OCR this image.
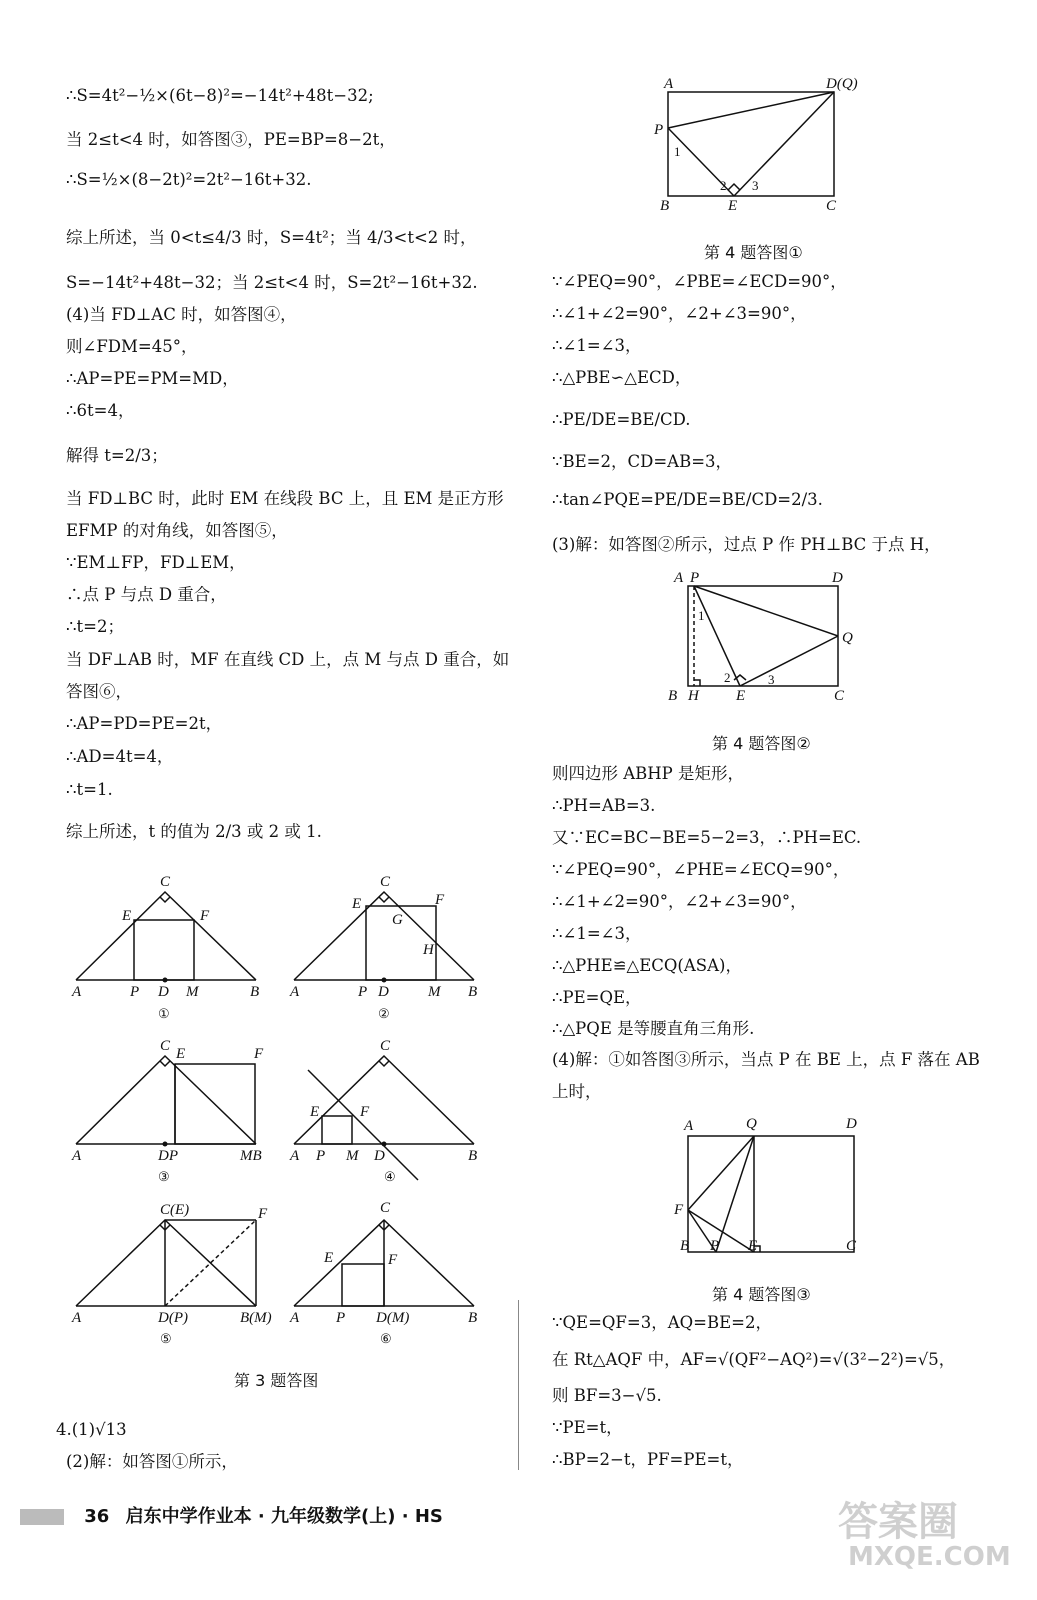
∴S=4t²−½×(6t−8)²=−14t²+48t−32;
当 2≤t<4 时，如答图③，PE=BP=8−2t，
∴S=½×(8−2t)²=2t²−16t+32.
综上所述，当 0<t≤4/3 时，S=4t²；当 4/3<t<2 时，
S=−14t²+48t−32；当 2≤t<4 时，S=2t²−16t+32.
(4)当 FD⊥AC 时，如答图④，
则∠FDM=45°，
∴AP=PE=PM=MD，
∴6t=4，
解得 t=2/3；
当 FD⊥BC 时，此时 EM 在线段 BC 上，且 EM 是正方形
EFMP 的对角线，如答图⑤，
∵EM⊥FP，FD⊥EM，
∴点 P 与点 D 重合，
∴t=2；
当 DF⊥AB 时，MF 在直线 CD 上，点 M 与点 D 重合，如
答图⑥，
∴AP=PD=PE=2t，
∴AD=4t=4，
∴t=1.
综上所述，t 的值为 2/3 或 2 或 1.
C
E	F
A	P D M	B
①
C
E	F
G
H
A	P D	M B
②
C E	F
A	DP	MB
③
C
E	F
A P M D	B
④
C(E)	F
A	D(P)	B(M)
⑤
C
E	F
A P D(M)	B
⑥
第 3 题答图
4.(1)√13
(2)解：如答图①所示，
A	D(Q)
P
1
2 3
B	E	C
第 4 题答图①
∵∠PEQ=90°，∠PBE=∠ECD=90°，
∴∠1+∠2=90°，∠2+∠3=90°，
∴∠1=∠3，
∴△PBE∽△ECD，
∴PE/DE=BE/CD.
∵BE=2，CD=AB=3，
∴tan∠PQE=PE/DE=BE/CD=2/3.
(3)解：如答图②所示，过点 P 作 PH⊥BC 于点 H，
A P	D
Q
1
2	3
B H E	C
第 4 题答图②
则四边形 ABHP 是矩形，
∴PH=AB=3.
又∵EC=BC−BE=5−2=3，∴PH=EC.
∵∠PEQ=90°，∠PHE=∠ECQ=90°，
∴∠1+∠2=90°，∠2+∠3=90°，
∴∠1=∠3，
∴△PHE≌△ECQ(ASA)，
∴PE=QE，
∴△PQE 是等腰直角三角形.
(4)解：①如答图③所示，当点 P 在 BE 上，点 F 落在 AB
上时，
A	Q	D
F
B P E	C
第 4 题答图③
∵QE=QF=3，AQ=BE=2，
在 Rt△AQF 中，AF=√(QF²−AQ²)=√(3²−2²)=√5，
则 BF=3−√5.
∵PE=t，
∴BP=2−t，PF=PE=t，
36 启东中学作业本 · 九年级数学(上) · HS	答案圈
MXQE.COM
